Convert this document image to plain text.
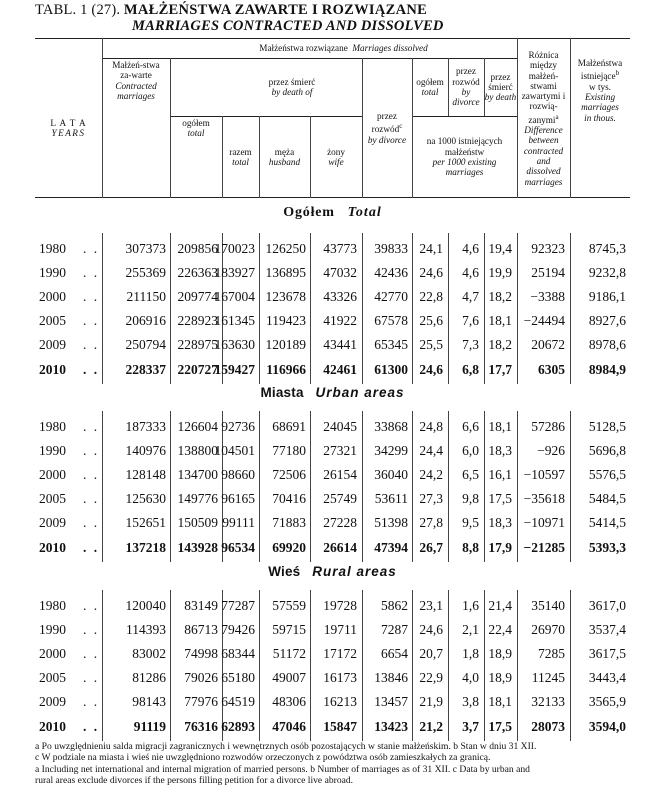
TABL. 1 (27). MAŁŻEŃSTWA ZAWARTE I ROZWIĄZANE
MARRIAGES CONTRACTED AND DISSOLVED
L A T A
YEARS
Małżeń-stwa za-warte
Contracted marriages
Małżeństwa rozwiązane Marriages dissolved
ogółem
total
przez śmierć
by death of
razem
total
męża
husband
żony
wife
przez rozwód$^c$
by divorce
ogółem
total
przez rozwód
by divorce
przez śmierć
by death
na 1000 istniejących małżeństw
per 1000 existing marriages
Różnica między małżeń-stwami zawartymi i rozwią-zanymi$^a$
Difference between contracted and dissolved marriages
Małżeństwa istniejące$^b$
w tys.
Existing marriages
in thous.
Ogółem Total
1980 . . 307373 209856
170023 126250 43773 39833 24,1 4,6 19,4 92323 8745,3
1990 . . 255369 226363
183927 136895 47032 42436 24,6 4,6 19,9 25194 9232,8
2000 . . 211150 209774
167004 123678 43326 42770 22,8 4,7 18,2 −3388 9186,1
2005 . . 206916 228923
161345 119423 41922 67578 25,6 7,6 18,1 −24494 8927,6
2009 . . 250794 228975
163630 120189 43441 65345 25,5 7,3 18,2 20672 8978,6
2010 . . 228337 220727
159427 116966 42461 61300 24,6 6,8 17,7 6305 8984,9
Miasta Urban areas
1980 . . 187333 126604 92736 68691 24045 33868 24,8 6,6 18,1 57286 5128,5
1990 . . 140976 138800
104501 77180 27321 34299 24,4 6,0 18,3 −926 5696,8
2000 . . 128148 134700 98660 72506 26154 36040 24,2 6,5 16,1 −10597 5576,5
2005 . . 125630 149776 96165 70416 25749 53611 27,3 9,8 17,5 −35618 5484,5
2009 . . 152651 150509 99111 71883 27228 51398 27,8 9,5 18,3 −10971 5414,5
2010 . . 137218 143928 96534 69920 26614 47394 26,7 8,8 17,9 −21285 5393,3
Wieś Rural areas
1980 . . 120040 83149 77287 57559 19728 5862 23,1 1,6 21,4 35140 3617,0
1990 . . 114393 86713 79426 59715 19711 7287 24,6 2,1 22,4 26970 3537,4
2000 . . 83002 74998 68344 51172 17172 6654 20,7 1,8 18,9 7285 3617,5
2005 . . 81286 79026 65180 49007 16173 13846 22,9 4,0 18,9 11245 3443,4
2009 . . 98143 77976 64519 48306 16213 13457 21,9 3,8 18,1 32133 3565,9
2010 . .	91119 76316 62893 47046 15847 13423 21,2 3,7 17,5 28073 3594,0
a Po uwzględnieniu salda migracji zagranicznych i wewnętrznych osób pozostających w stanie małżeńskim. b Stan w dniu 31 XII.
c W podziale na miasta i wieś nie uwzględniono rozwodów orzeczonych z powództwa osób zamieszkałych za granicą.
a Including net international and internal migration of married persons. b Number of marriages as of 31 XII. c Data by urban and
rural areas exclude divorces if the persons filling petition for a divorce live abroad.
